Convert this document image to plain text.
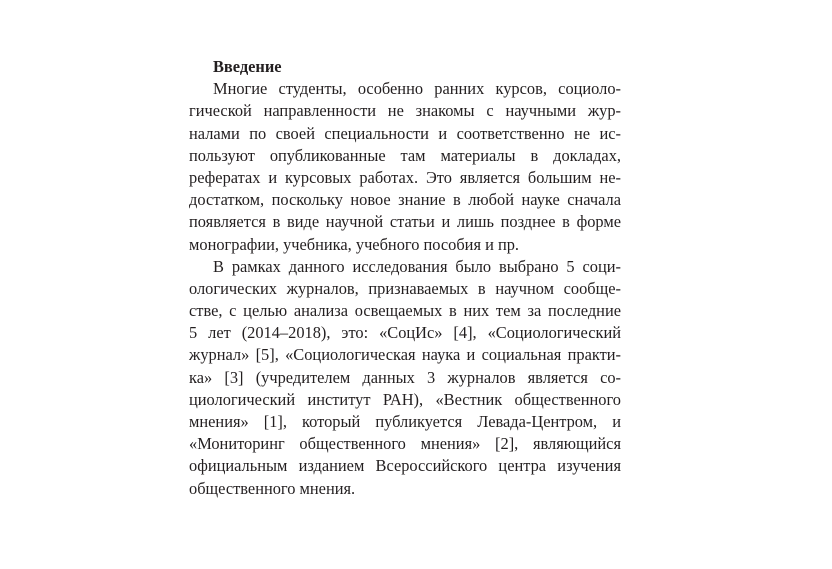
Введение
Многие студенты, особенно ранних курсов, социоло-
гической направленности не знакомы с научными жур-
налами по своей специальности и соответственно не ис-
пользуют опубликованные там материалы в докладах,
рефератах и курсовых работах. Это является большим не-
достатком, поскольку новое знание в любой науке сначала
появляется в виде научной статьи и лишь позднее в форме
монографии, учебника, учебного пособия и пр.
В рамках данного исследования было выбрано 5 соци-
ологических журналов, признаваемых в научном сообще-
стве, с целью анализа освещаемых в них тем за последние
5 лет (2014–2018), это: «СоцИс» [4], «Социологический
журнал» [5], «Социологическая наука и социальная практи-
ка» [3] (учредителем данных 3 журналов является со-
циологический институт РАН), «Вестник общественного
мнения» [1], который публикуется Левада-Центром, и
«Мониторинг общественного мнения» [2], являющийся
официальным изданием Всероссийского центра изучения
общественного мнения.
